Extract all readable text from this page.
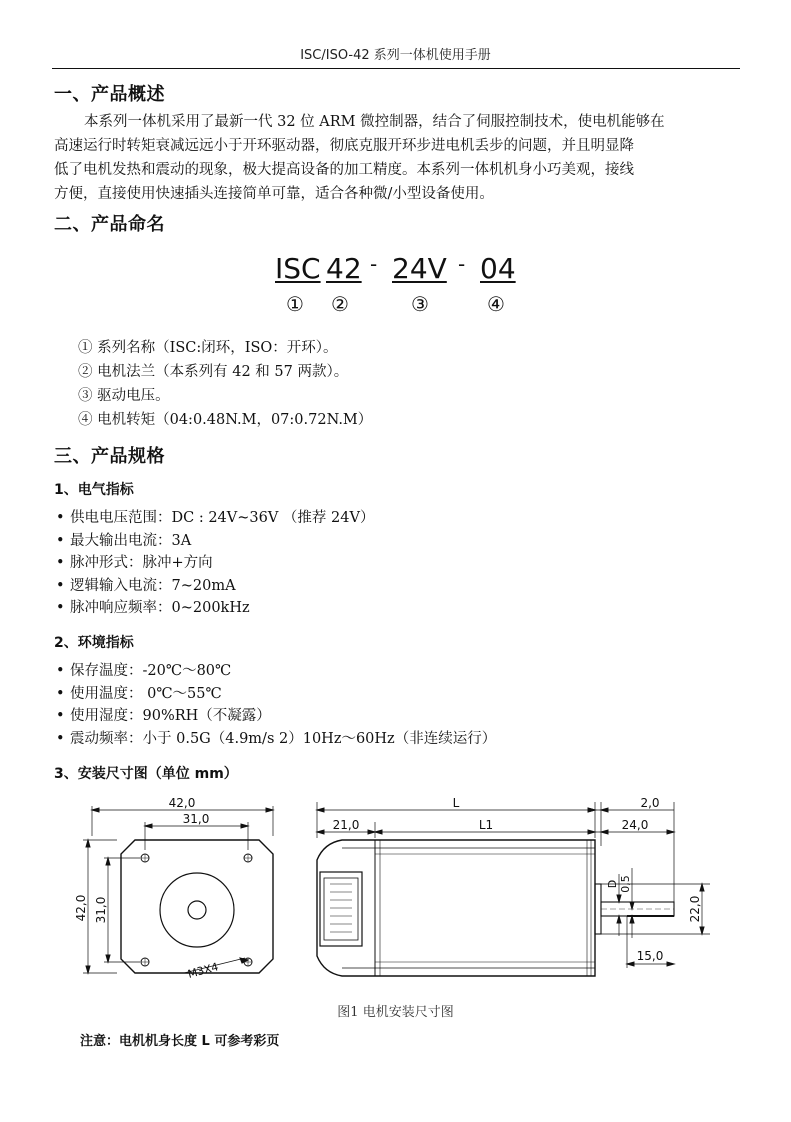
ISC/ISO-42 系列一体机使用手册
一、产品概述
本系列一体机采用了最新一代 32 位 ARM 微控制器，结合了伺服控制技术，使电机能够在
高速运行时转矩衰减远远小于开环驱动器，彻底克服开环步进电机丢步的问题，并且明显降
低了电机发热和震动的现象，极大提高设备的加工精度。本系列一体机机身小巧美观，接线
方便，直接使用快速插头连接简单可靠，适合各种微/小型设备使用。
二、产品命名
ISC 42 - 24V - 04
① ②	③	④
① 系列名称（ISC:闭环，ISO：开环）。
② 电机法兰（本系列有 42 和 57 两款）。
③ 驱动电压。
④ 电机转矩（04:0.48N.M，07:0.72N.M）
三、产品规格
1、电气指标
• 供电电压范围：DC : 24V~36V （推荐 24V）
• 最大输出电流：3A
• 脉冲形式：脉冲+方向
• 逻辑输入电流：7~20mA
• 脉冲响应频率：0~200kHz
2、环境指标
• 保存温度：-20℃～80℃
• 使用温度： 0℃～55℃
• 使用湿度：90%RH（不凝露）
• 震动频率：小于 0.5G（4.9m/s 2）10Hz～60Hz（非连续运行）
3、安装尺寸图（单位 mm）
42,0
31,0
42,0 31,0
M3X4
L
21,0	L1
2,0
24,0
D 0,5
22,0
15,0
图1 电机安装尺寸图
注意：电机机身长度 L 可参考彩页
